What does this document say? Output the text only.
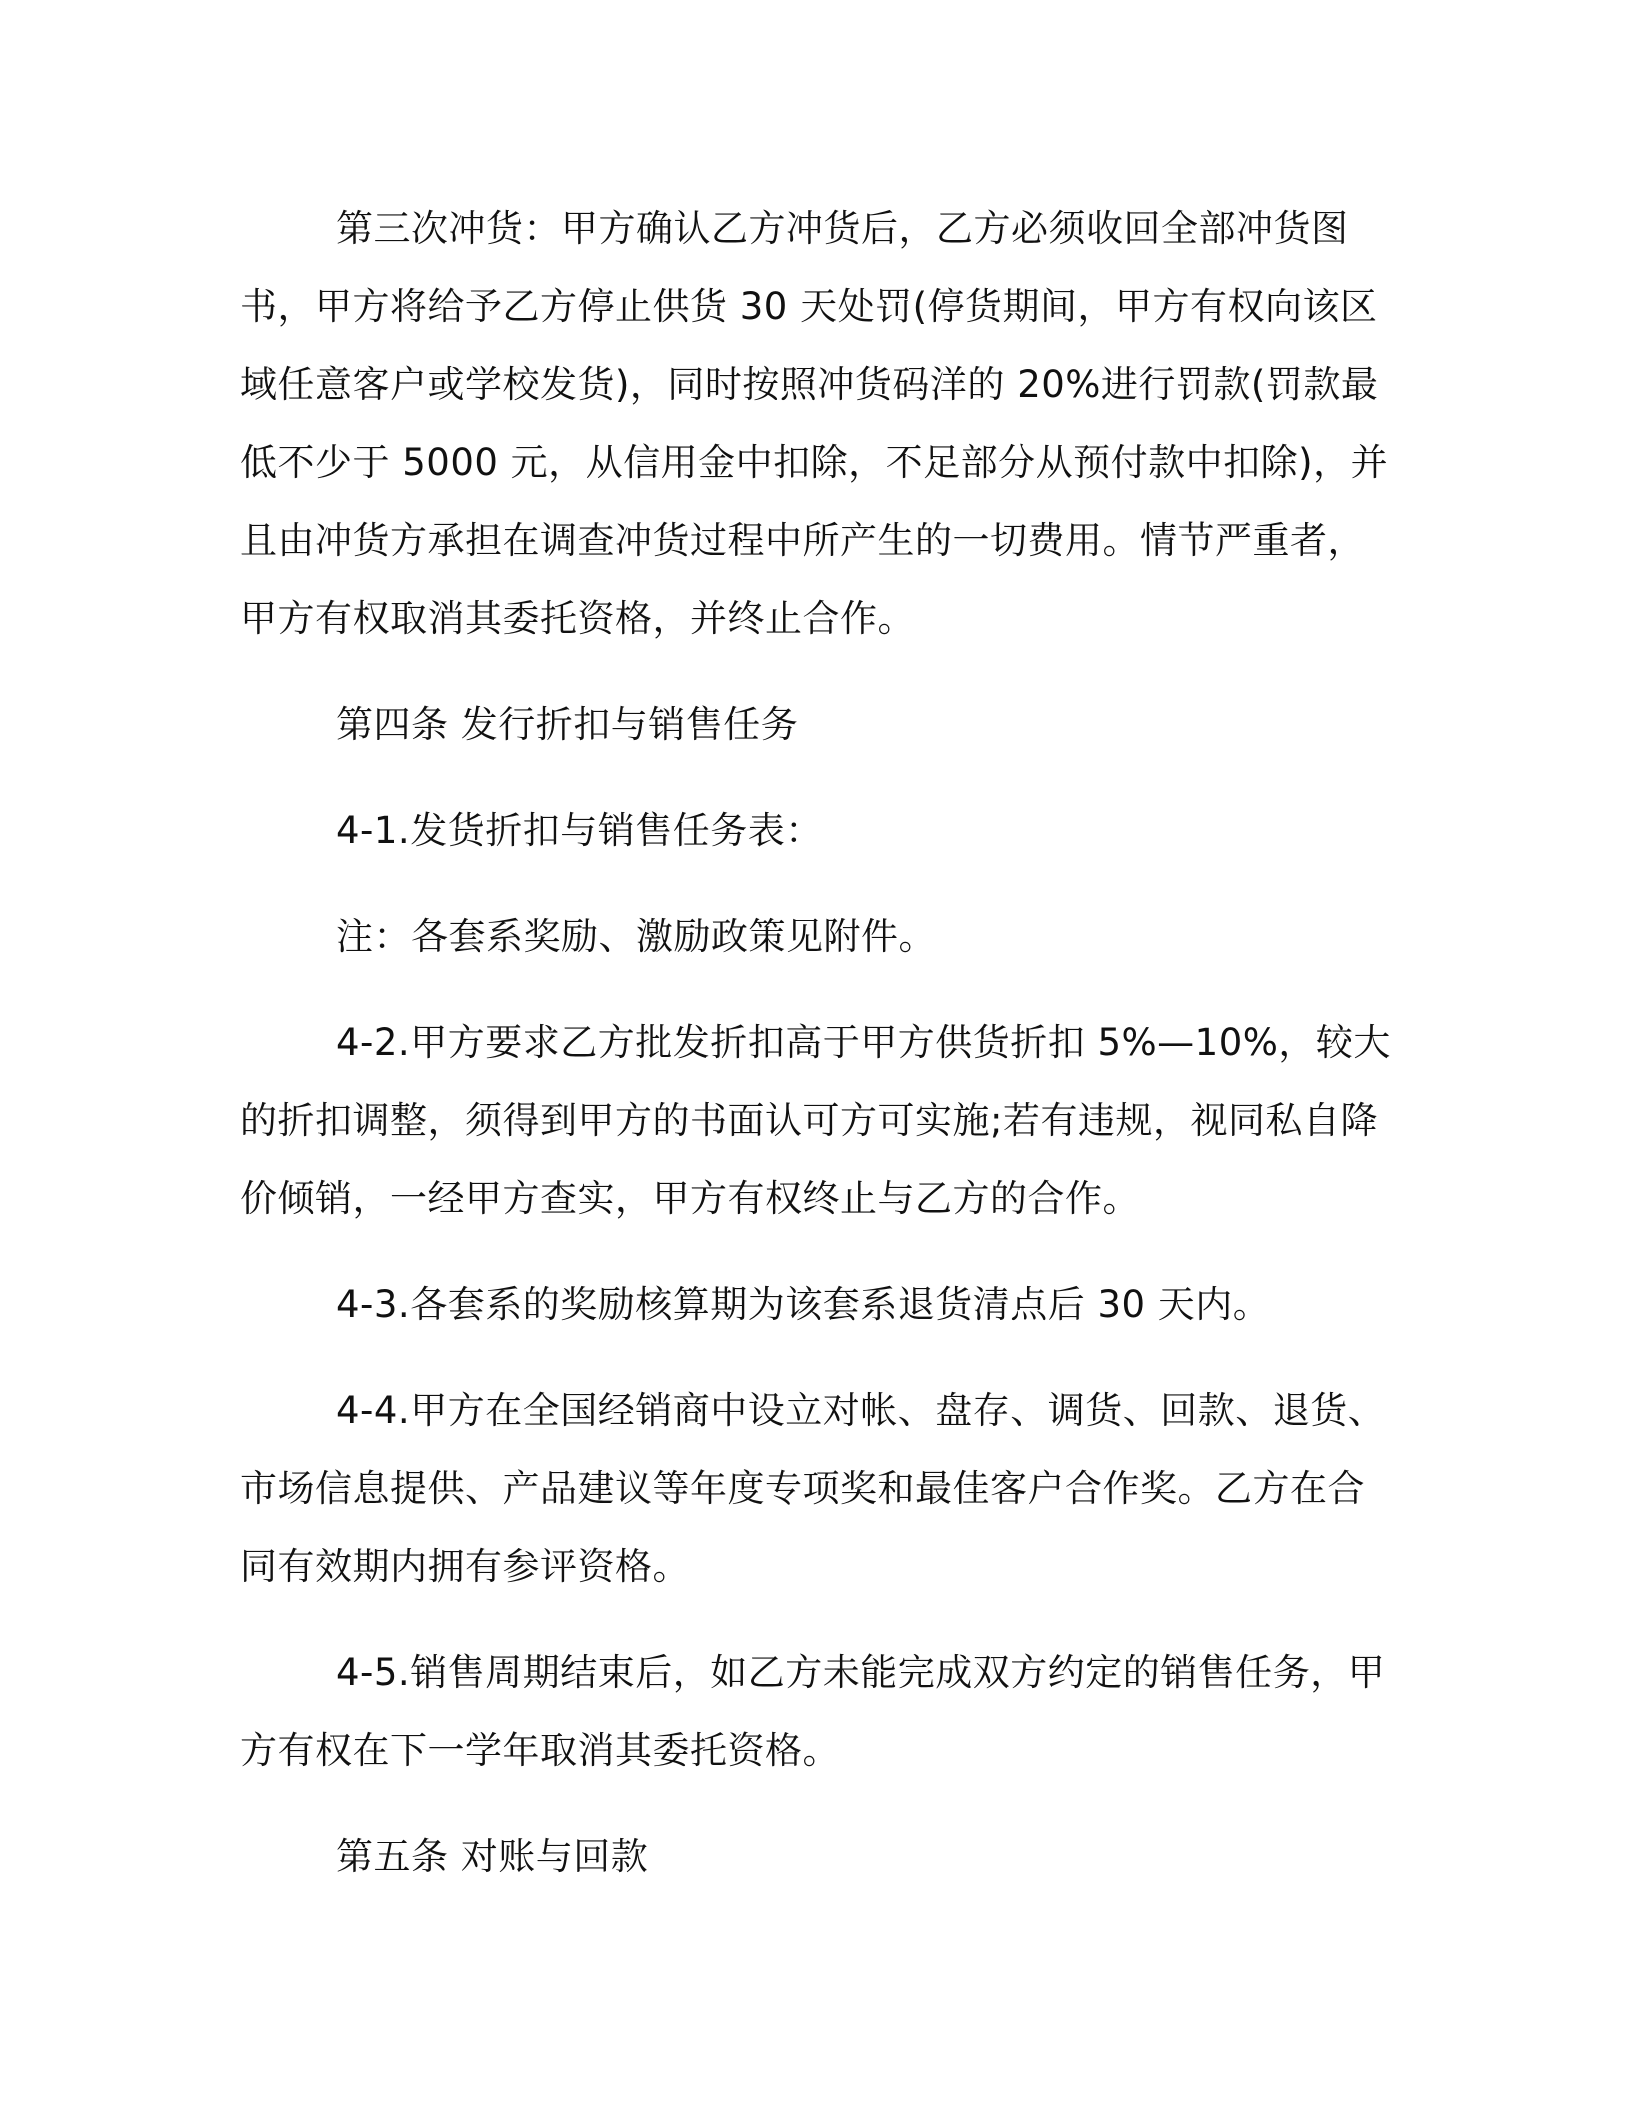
第三次冲货：甲方确认乙方冲货后，乙方必须收回全部冲货图书，甲方将给予乙方停止供货 30 天处罚(停货期间，甲方有权向该区域任意客户或学校发货)，同时按照冲货码洋的 20%进行罚款(罚款最低不少于 5000 元，从信用金中扣除，不足部分从预付款中扣除)，并且由冲货方承担在调查冲货过程中所产生的一切费用。情节严重者，甲方有权取消其委托资格，并终止合作。

第四条 发行折扣与销售任务

4-1.发货折扣与销售任务表：

注：各套系奖励、激励政策见附件。

4-2.甲方要求乙方批发折扣高于甲方供货折扣 5%—10%，较大的折扣调整，须得到甲方的书面认可方可实施;若有违规，视同私自降价倾销，一经甲方查实，甲方有权终止与乙方的合作。

4-3.各套系的奖励核算期为该套系退货清点后 30 天内。

4-4.甲方在全国经销商中设立对帐、盘存、调货、回款、退货、市场信息提供、产品建议等年度专项奖和最佳客户合作奖。乙方在合同有效期内拥有参评资格。

4-5.销售周期结束后，如乙方未能完成双方约定的销售任务，甲方有权在下一学年取消其委托资格。

第五条 对账与回款
